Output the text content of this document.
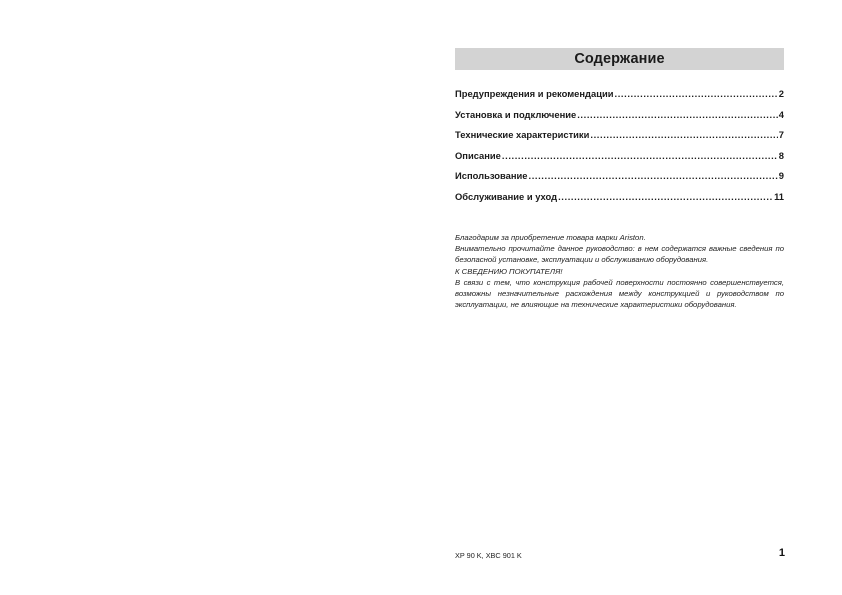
Содержание
Предупреждения и рекомендации .....	2
Установка и подключение .....	4
Технические характеристики .....	7
Описание .....	8
Использование .....	9
Обслуживание и уход .....	11

Благодарим за приобретение товара марки Ariston.

Внимательно прочитайте данное руководство: в нем содержатся важные сведения по безопасной установке, эксплуатации и обслуживанию оборудования.

К СВЕДЕНИЮ ПОКУПАТЕЛЯ!

В связи с тем, что конструкция рабочей поверхности постоянно совершенствуется, возможны незначительные расхождения между конструкцией и руководством по эксплуатации, не влияющие на технические характеристики оборудования.

XP 90 K, XBC 901 K	1
